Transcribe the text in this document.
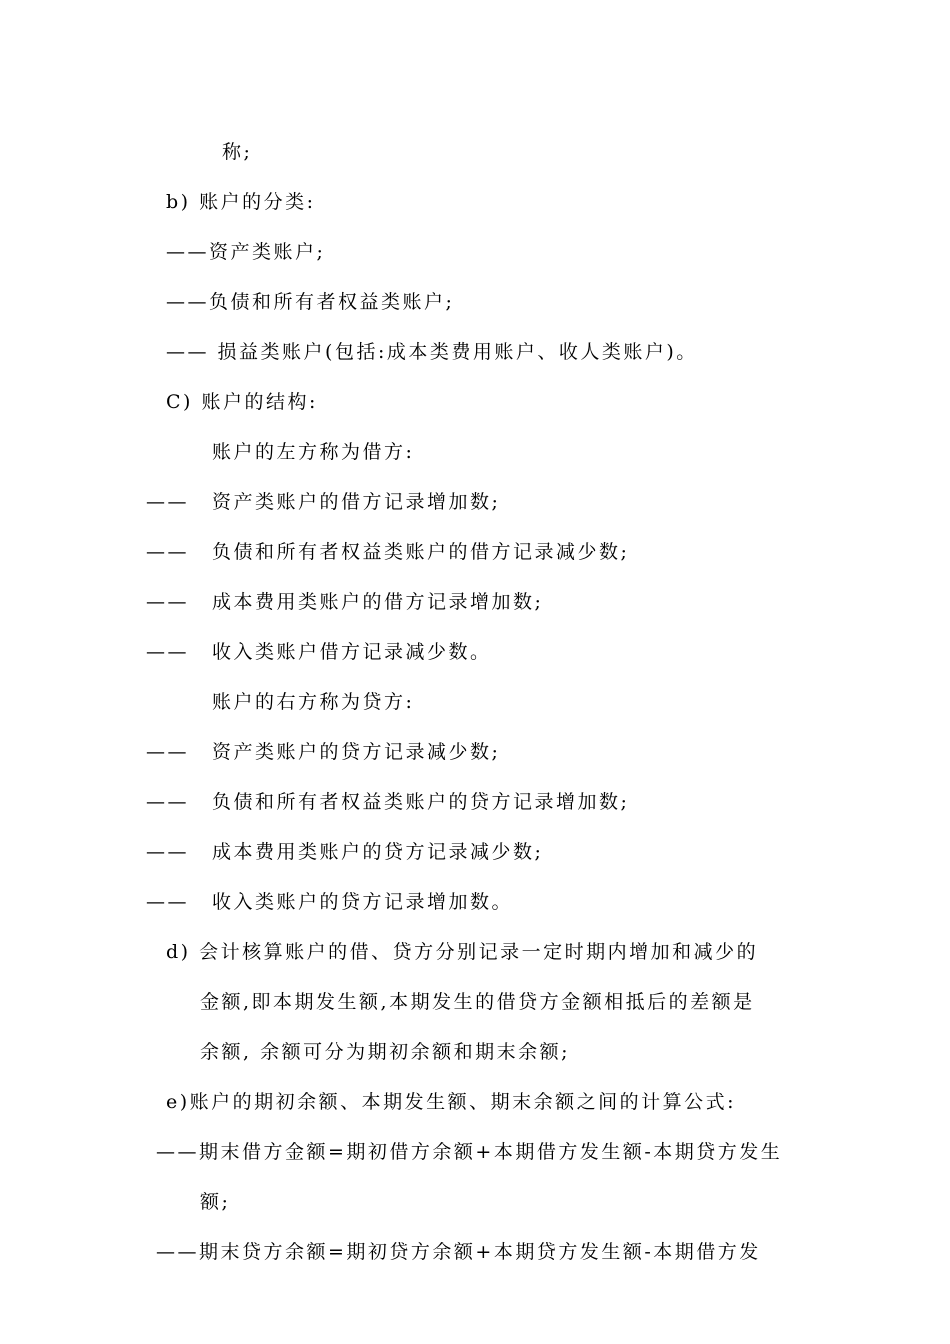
称;
b) 账户的分类:
——资产类账户;
——负债和所有者权益类账户;
—— 损益类账户(包括:成本类费用账户、收人类账户)。
C) 账户的结构:
账户的左方称为借方:
—— 资产类账户的借方记录增加数;
—— 负债和所有者权益类账户的借方记录减少数;
—— 成本费用类账户的借方记录增加数;
—— 收入类账户借方记录减少数。
账户的右方称为贷方:
—— 资产类账户的贷方记录减少数;
—— 负债和所有者权益类账户的贷方记录增加数;
—— 成本费用类账户的贷方记录减少数;
—— 收入类账户的贷方记录增加数。
d) 会计核算账户的借、贷方分别记录一定时期内增加和减少的
金额,即本期发生额,本期发生的借贷方金额相抵后的差额是
余额, 余额可分为期初余额和期末余额;
e)账户的期初余额、本期发生额、期末余额之间的计算公式:
——期末借方金额=期初借方余额+本期借方发生额-本期贷方发生
额;
——期末贷方余额=期初贷方余额+本期贷方发生额-本期借方发
